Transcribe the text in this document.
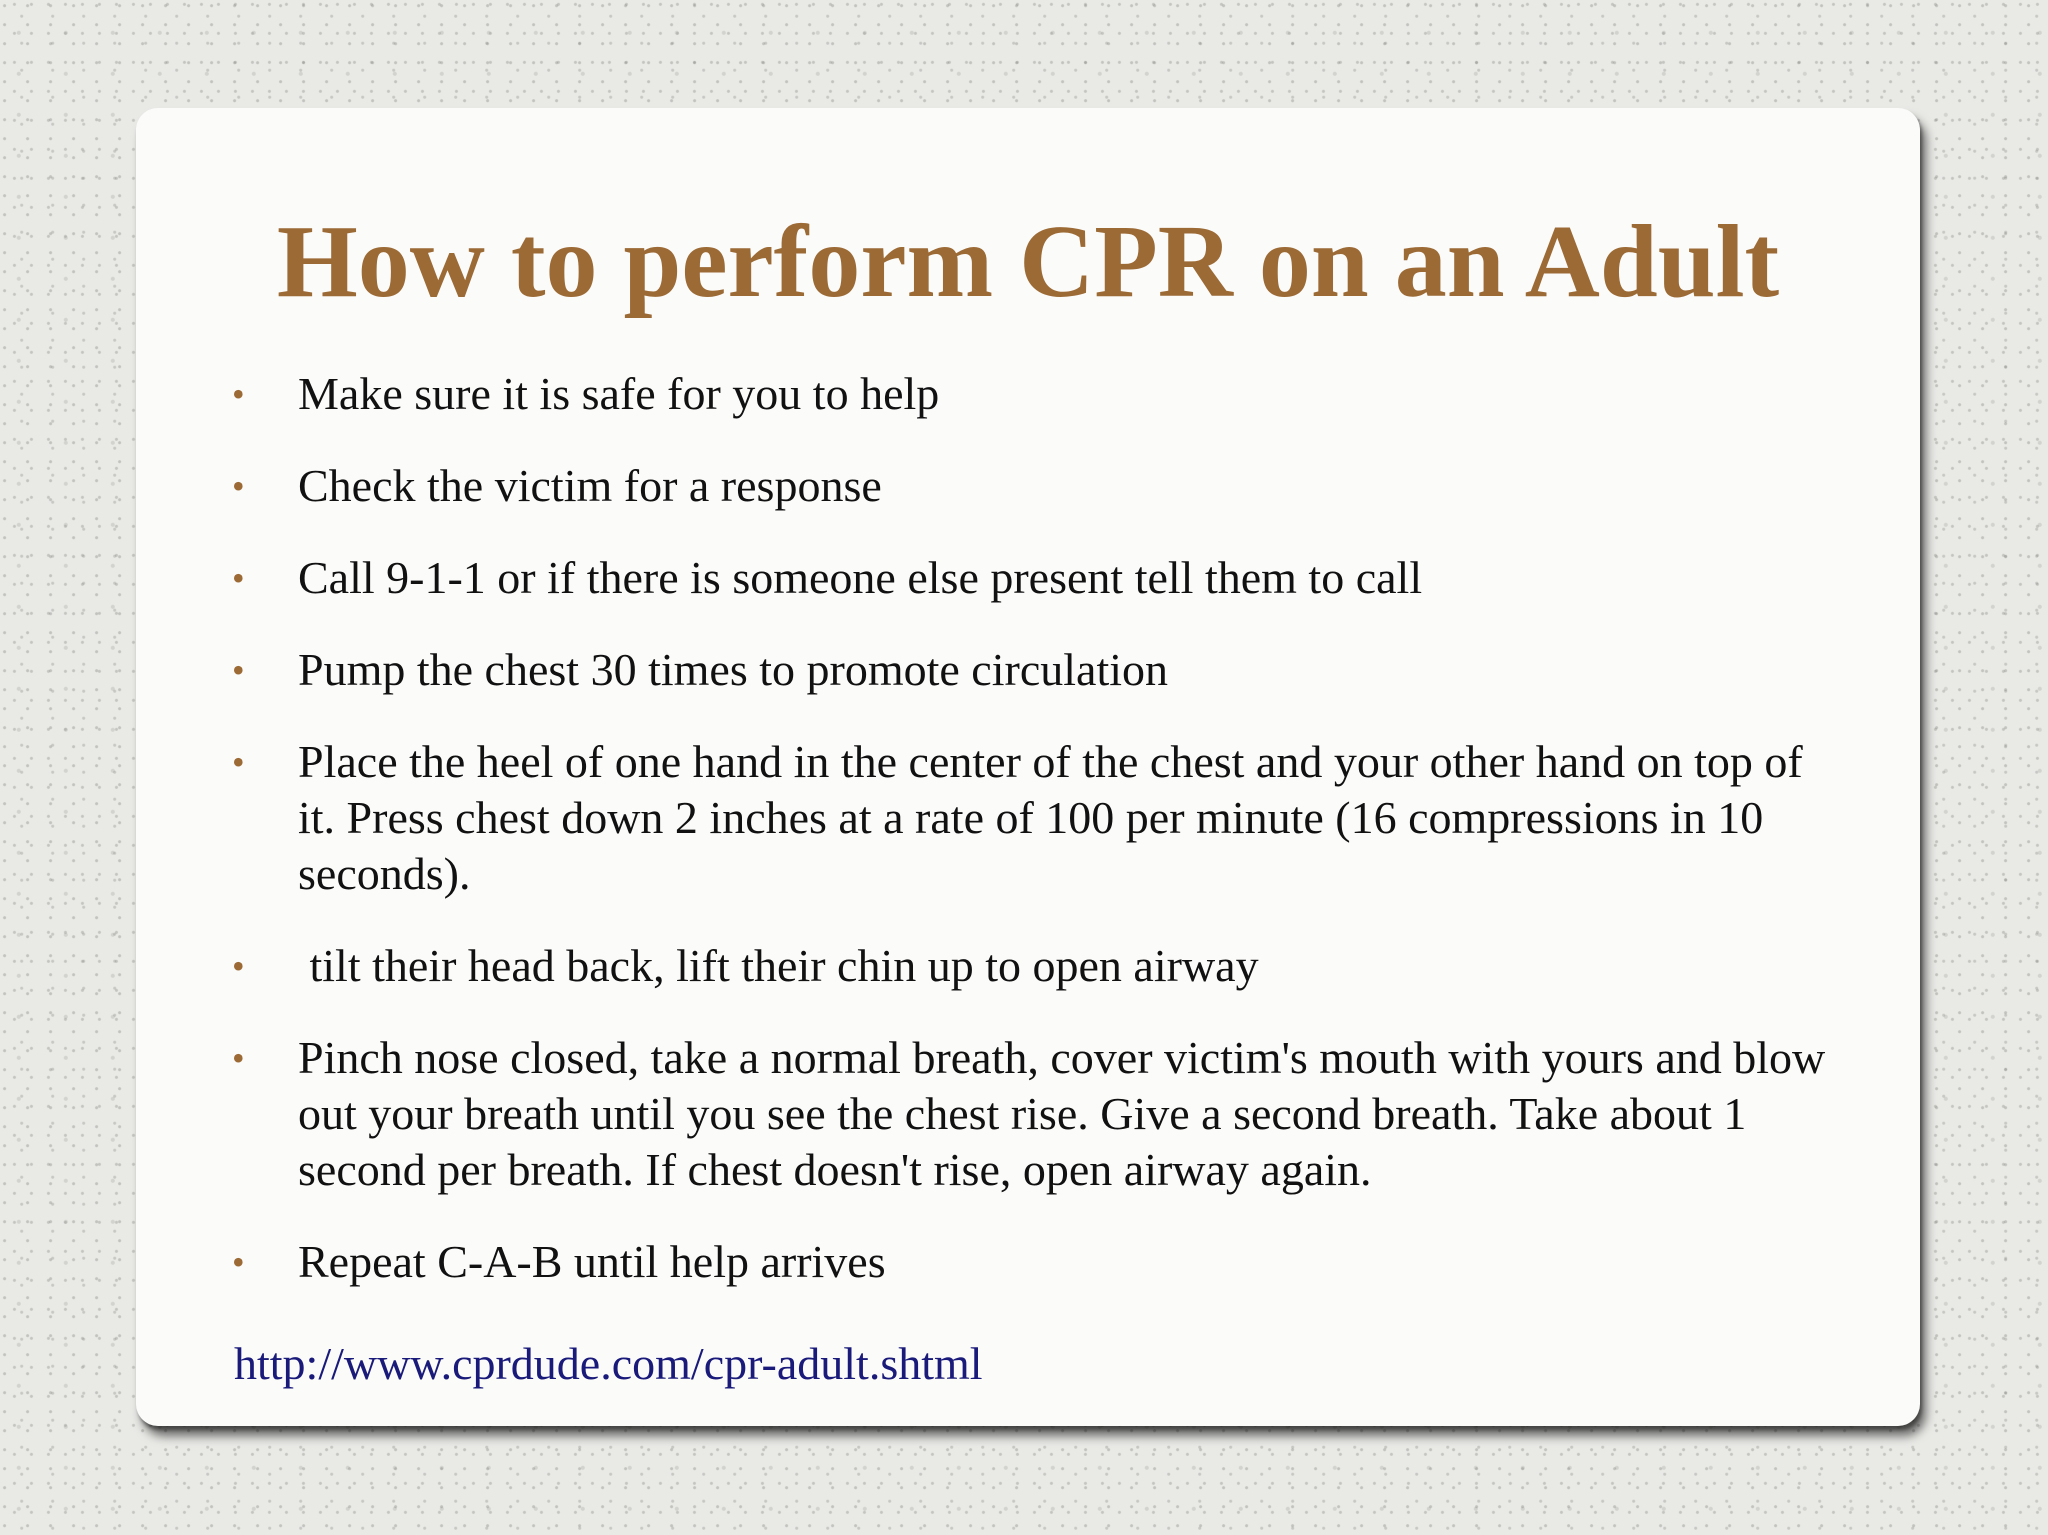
How to perform CPR on an Adult
• Make sure it is safe for you to help
• Check the victim for a response
• Call 9-1-1 or if there is someone else present tell them to call
• Pump the chest 30 times to promote circulation
• Place the heel of one hand in the center of the chest and your other hand on top of it. Press chest down 2 inches at a rate of 100 per minute (16 compressions in 10 seconds).
• tilt their head back, lift their chin up to open airway
• Pinch nose closed, take a normal breath, cover victim's mouth with yours and blow out your breath until you see the chest rise. Give a second breath. Take about 1 second per breath. If chest doesn't rise, open airway again.
• Repeat C-A-B until help arrives
http://www.cprdude.com/cpr-adult.shtml
